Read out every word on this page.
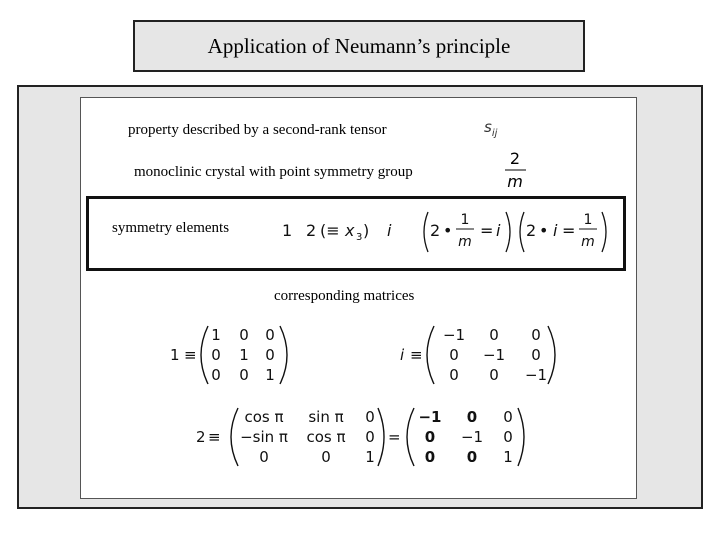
Application of Neumann’s principle
property described by a second-rank tensor	$s_{ij}$
monoclinic crystal with point symmetry group
2
m
symmetry elements	1 2 (≡ x 3 ) i 2 •
1
m
= i 2 • i =
1
m
corresponding matrices
1 ≡
1 0 0
0 1 0
0 0 1
i ≡
−1 0 0
0 −1 0
0 0 −1
2 ≡
cos π sin π 0
−sin π cos π 0
0	0 1
=
−1 0 0
0 −1 0
0 0 1
